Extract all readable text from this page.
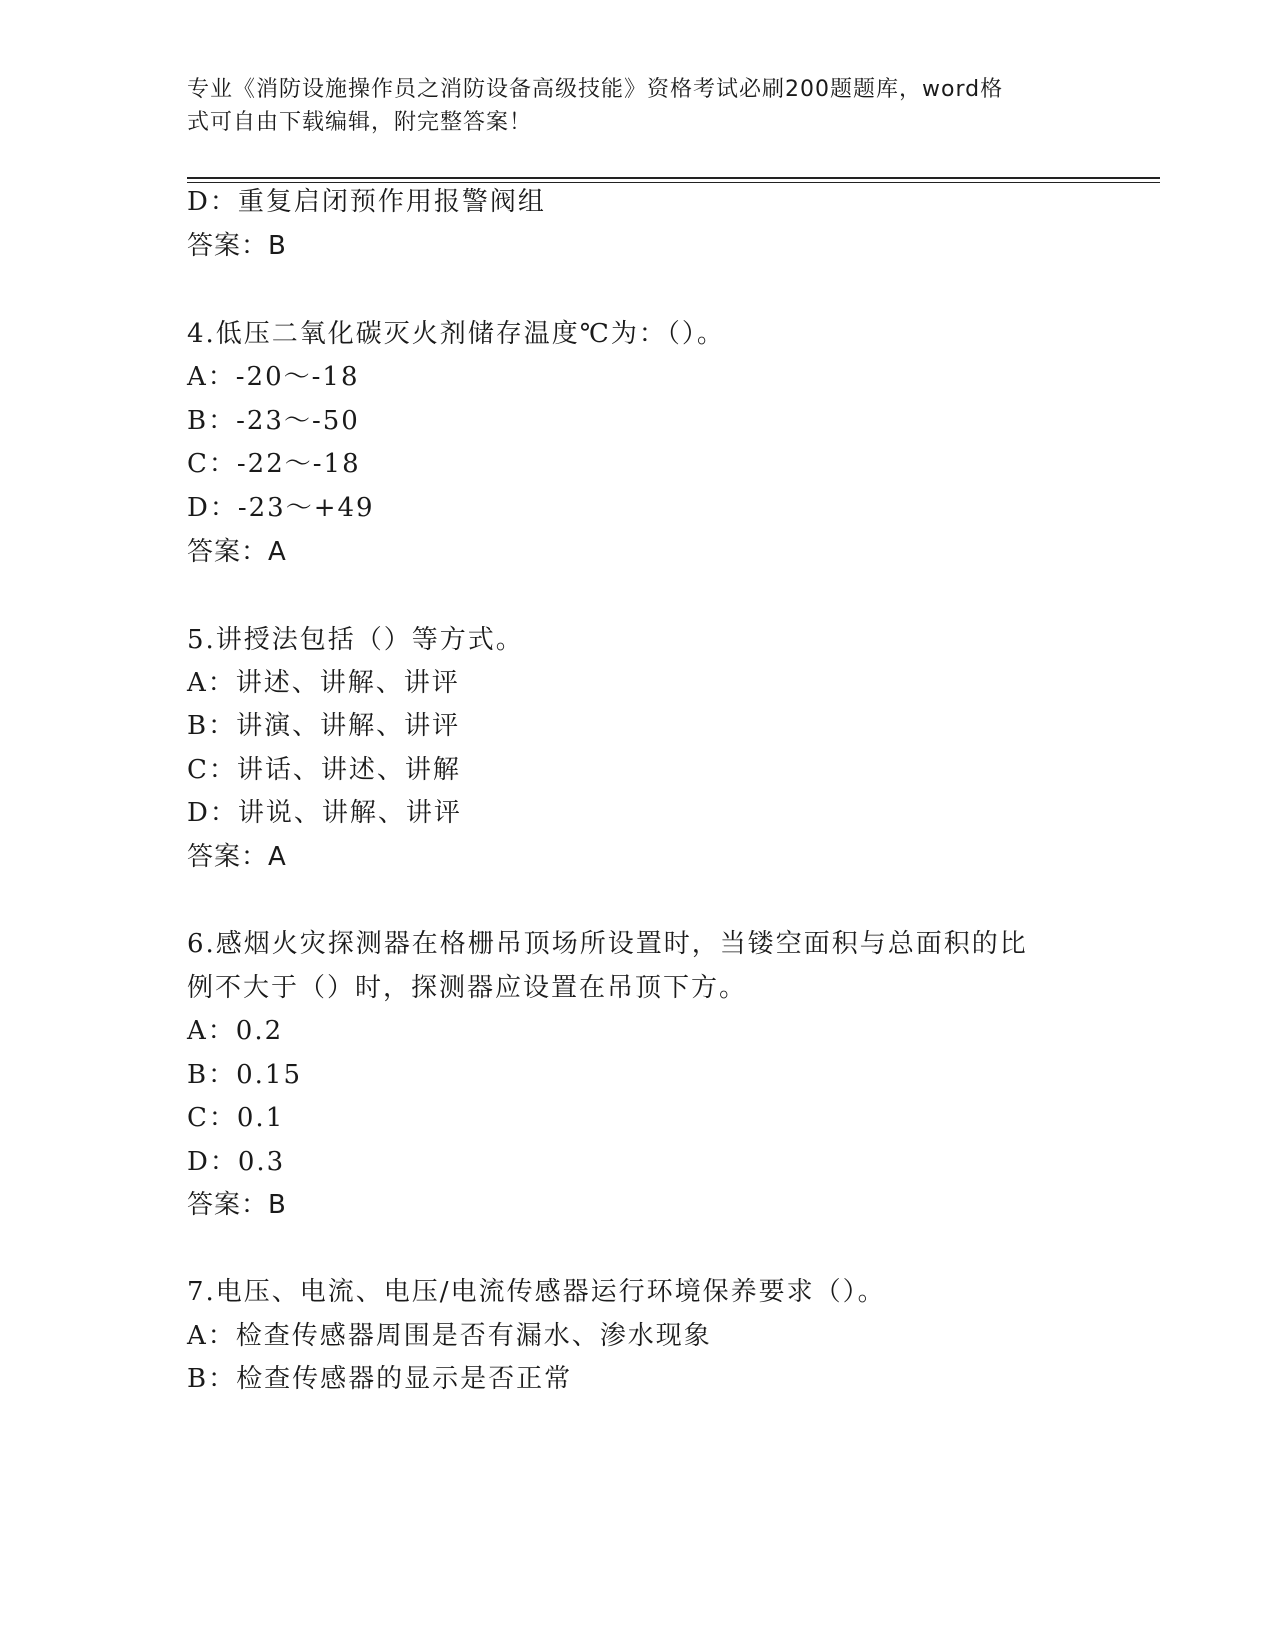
专业《消防设施操作员之消防设备高级技能》资格考试必刷200题题库，word格
式可自由下载编辑，附完整答案！
D：重复启闭预作用报警阀组
答案：B
4.低压二氧化碳灭火剂储存温度℃为：（）。
A：-20～-18
B：-23～-50
C：-22～-18
D：-23～+49
答案：A
5.讲授法包括（）等方式。
A：讲述、讲解、讲评
B：讲演、讲解、讲评
C：讲话、讲述、讲解
D：讲说、讲解、讲评
答案：A
6.感烟火灾探测器在格栅吊顶场所设置时，当镂空面积与总面积的比
例不大于（）时，探测器应设置在吊顶下方。
A：0.2
B：0.15
C：0.1
D：0.3
答案：B
7.电压、电流、电压/电流传感器运行环境保养要求（）。
A：检查传感器周围是否有漏水、渗水现象
B：检查传感器的显示是否正常
